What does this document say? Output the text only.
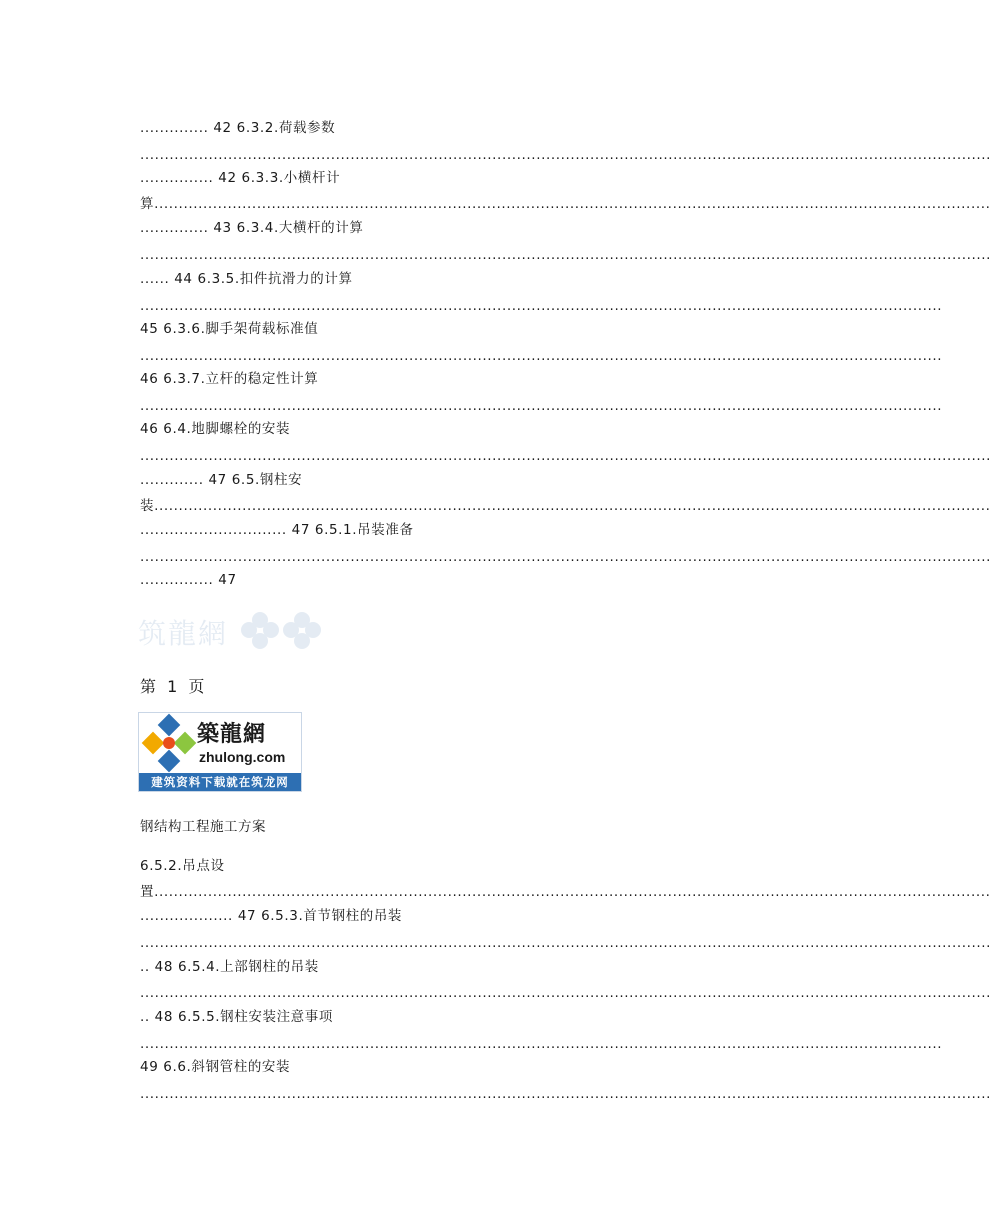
.............. 42 6.3.2.荷载参数
..............................................................................................................................................................................
............... 42 6.3.3.小横杆计
算...........................................................................................................................................................................
.............. 43 6.3.4.大横杆的计算
..............................................................................................................................................................................
...... 44 6.3.5.扣件抗滑力的计算
....................................................................................................................................................................
45 6.3.6.脚手架荷载标准值
....................................................................................................................................................................
46 6.3.7.立杆的稳定性计算
....................................................................................................................................................................
46 6.4.地脚螺栓的安装
..............................................................................................................................................................................
............. 47 6.5.钢柱安
装...........................................................................................................................................................................
.............................. 47 6.5.1.吊装准备
..............................................................................................................................................................................
............... 47
筑龍網
第 1 页
築龍網
zhulong.com
建筑资料下载就在筑龙网
钢结构工程施工方案
6.5.2.吊点设
置...........................................................................................................................................................................
................... 47 6.5.3.首节钢柱的吊装
..............................................................................................................................................................................
.. 48 6.5.4.上部钢柱的吊装
..............................................................................................................................................................................
.. 48 6.5.5.钢柱安装注意事项
....................................................................................................................................................................
49 6.6.斜钢管柱的安装
..............................................................................................................................................................................
